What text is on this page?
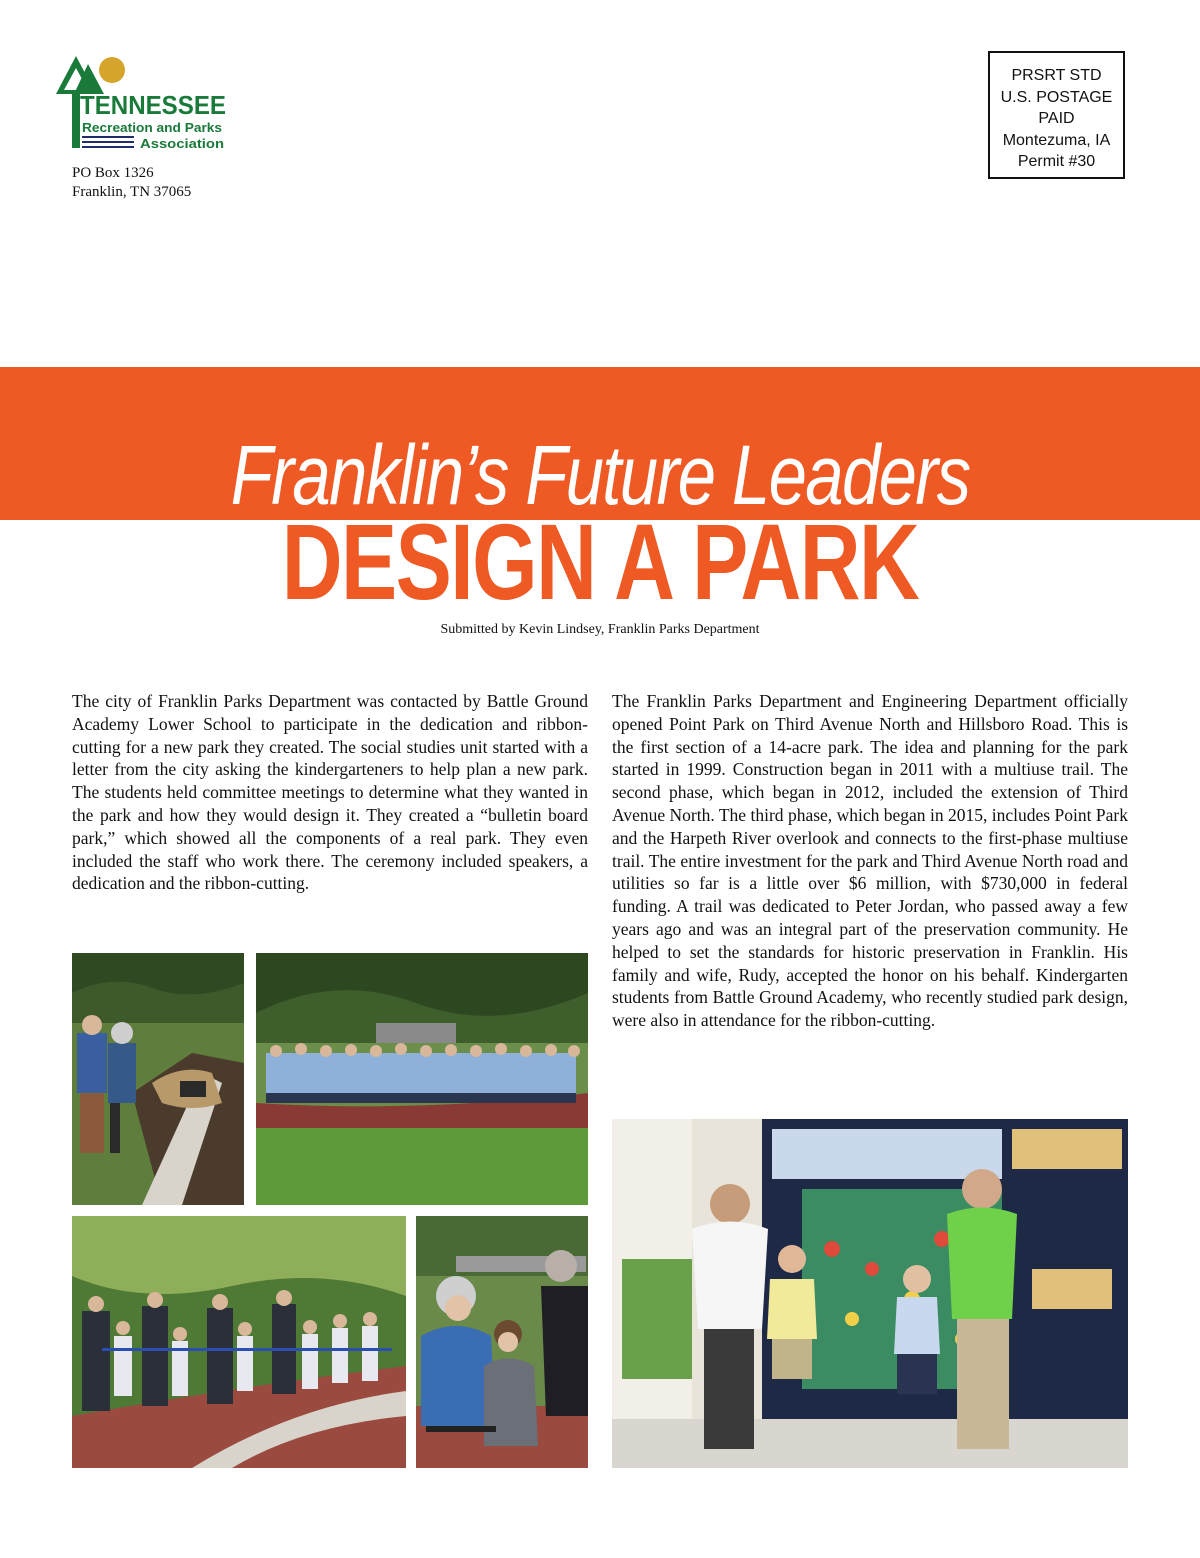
TENNESSEE
Recreation and Parks
Association
PO Box 1326
Franklin, TN 37065
PRSRT STD
U.S. POSTAGE
PAID
Montezuma, IA
Permit #30
Franklin’s Future Leaders
DESIGN A PARK
Submitted by Kevin Lindsey, Franklin Parks Department
The city of Franklin Parks Department was contacted by Battle Ground Academy Lower School to participate in the dedication and ribbon-cutting for a new park they created. The social studies unit started with a letter from the city asking the kindergarteners to help plan a new park. The students held committee meetings to determine what they wanted in the park and how they would design it. They created a “bulletin board park,” which showed all the components of a real park. They even included the staff who work there. The ceremony included speakers, a dedication and the ribbon-cutting.
The Franklin Parks Department and Engineering Department officially opened Point Park on Third Avenue North and Hillsboro Road. This is the first section of a 14-acre park. The idea and planning for the park started in 1999. Construction began in 2011 with a multiuse trail. The second phase, which began in 2012, included the extension of Third Avenue North. The third phase, which began in 2015, includes Point Park and the Harpeth River overlook and connects to the first-phase multiuse trail. The entire investment for the park and Third Avenue North road and utilities so far is a little over $6 million, with $730,000 in federal funding. A trail was dedicated to Peter Jordan, who passed away a few years ago and was an integral part of the preservation community. He helped to set the standards for historic preservation in Franklin. His family and wife, Rudy, accepted the honor on his behalf. Kindergarten students from Battle Ground Academy, who recently studied park design, were also in attendance for the ribbon-cutting.
